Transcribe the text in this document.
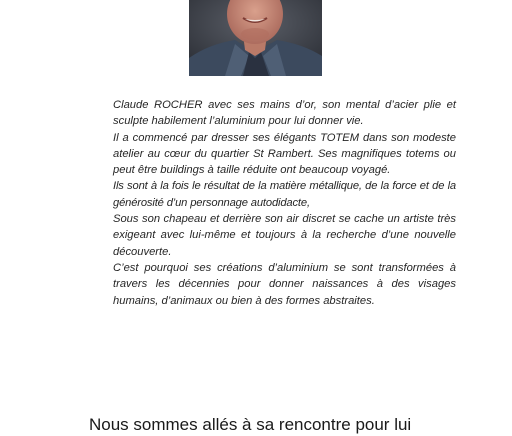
Claude ROCHER avec ses mains d’or, son mental d’acier plie et sculpte habilement l’aluminium pour lui donner vie.

Il a commencé par dresser ses élégants TOTEM dans son modeste atelier au cœur du quartier St Rambert. Ses magnifiques totems ou peut être buildings à taille réduite ont beaucoup voyagé.

Ils sont à la fois le résultat de la matière métallique, de la force et de la générosité d’un personnage autodidacte,

Sous son chapeau et derrière son air discret se cache un artiste très exigeant avec lui-même et toujours à la recherche d’une nouvelle découverte.

C’est pourquoi ses créations d’aluminium se sont transformées à travers les décennies pour donner naissances à des visages humains, d’animaux ou bien à des formes abstraites.

Nous sommes allés à sa rencontre pour lui
